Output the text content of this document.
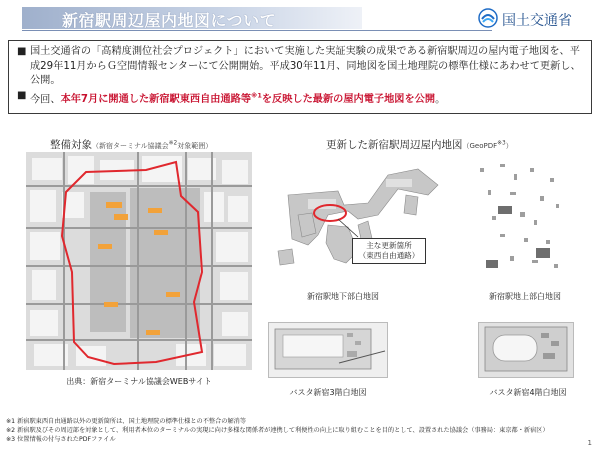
新宿駅周辺屋内地図について	国土交通省
■ 国土交通省の「高精度測位社会プロジェクト」において実施した実証実験の成果である新宿駅周辺の屋内電子地図を、平成29年11月からＧ空間情報センターにて公開開始。平成30年11月、同地図を国土地理院の標準仕様にあわせて更新し、公開。
■ 今回、本年7月に開通した新宿駅東西自由通路等$^{※1}$を反映した最新の屋内電子地図を公開。
整備対象（新宿ターミナル協議会$^{※2}$対象範囲）
出典：新宿ターミナル協議会WEBサイト
更新した新宿駅周辺屋内地図（GeoPDF$^{※3}$）
主な更新箇所
（東西自由通路）
新宿駅地下部白地図	新宿駅地上部白地図
バスタ新宿3階白地図	バスタ新宿4階白地図
※1 新宿駅東西自由通路以外の更新箇所は、国土地理院の標準仕様との不整合の解消等
※2 新宿駅及びその周辺部を対象として、利用者本位のターミナルの実現に向け多様な関係者が連携して利便性の向上に取り組むことを目的として、設置された協議会（事務局：東京都・新宿区）
※3 位置情報の付与されたPDFファイル	1
